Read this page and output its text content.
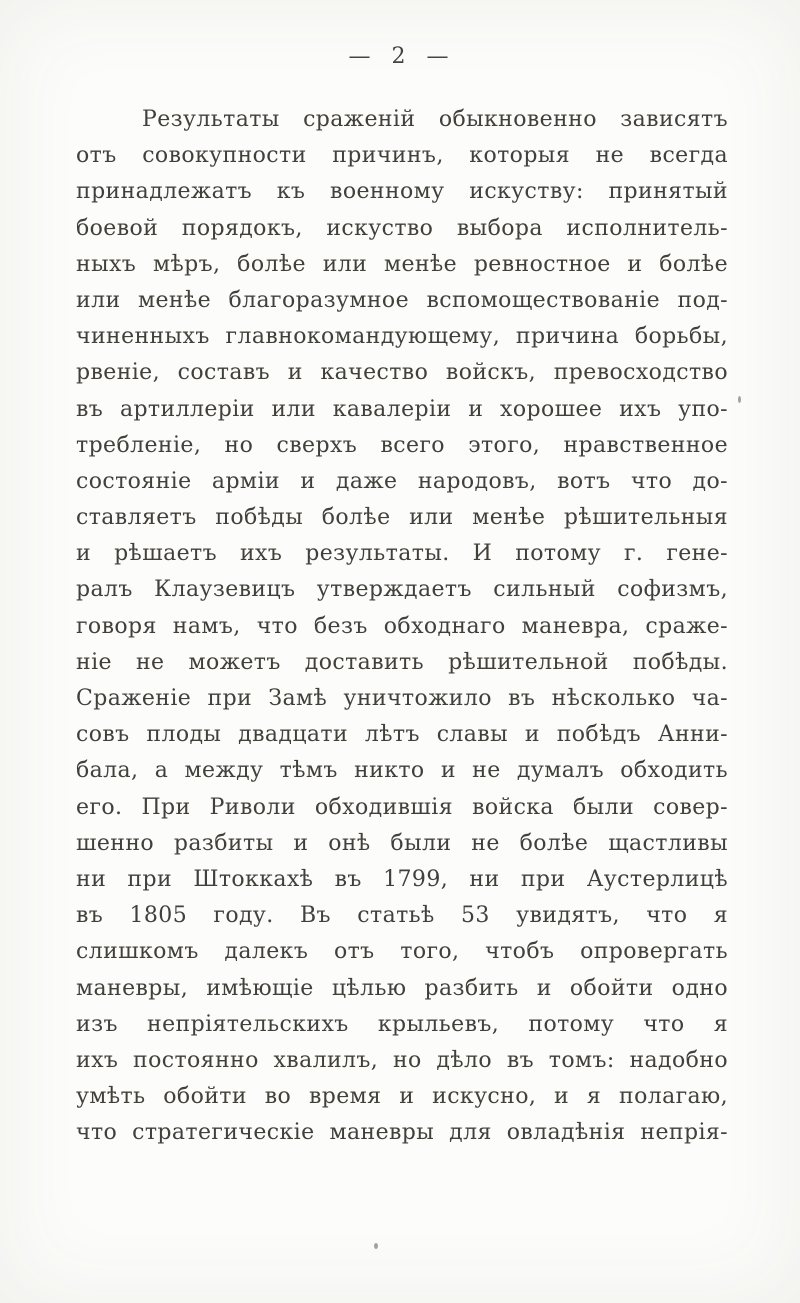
— 2 —
Результаты сраженій обыкновенно зависятъ
отъ совокупности причинъ, которыя не всегда
принадлежатъ къ военному искуству: принятый
боевой порядокъ, искуство выбора исполнитель-
ныхъ мѣръ, болѣе или менѣе ревностное и болѣе
или менѣе благоразумное вспомоществованіе под-
чиненныхъ главнокомандующему, причина борьбы,
рвеніе, составъ и качество войскъ, превосходство
въ артиллеріи или кавалеріи и хорошее ихъ упо-
требленіе, но сверхъ всего этого, нравственное
состояніе арміи и даже народовъ, вотъ что до-
ставляетъ побѣды болѣе или менѣе рѣшительныя
и рѣшаетъ ихъ результаты. И потому г. гене-
ралъ Клаузевицъ утверждаетъ сильный софизмъ,
говоря намъ, что безъ обходнаго маневра, сраже-
ніе не можетъ доставить рѣшительной побѣды.
Сраженіе при Замѣ уничтожило въ нѣсколько ча-
совъ плоды двадцати лѣтъ славы и побѣдъ Анни-
бала, а между тѣмъ никто и не думалъ обходить
его. При Риволи обходившія войска были совер-
шенно разбиты и онѣ были не болѣе щастливы
ни при Штоккахѣ въ 1799, ни при Аустерлицѣ
въ 1805 году. Въ статьѣ 53 увидятъ, что я
слишкомъ далекъ отъ того, чтобъ опровергать
маневры, имѣющіе цѣлью разбить и обойти одно
изъ непріятельскихъ крыльевъ, потому что я
ихъ постоянно хвалилъ, но дѣло въ томъ: надобно
умѣть обойти во время и искусно, и я полагаю,
что стратегическіе маневры для овладѣнія непрія-
